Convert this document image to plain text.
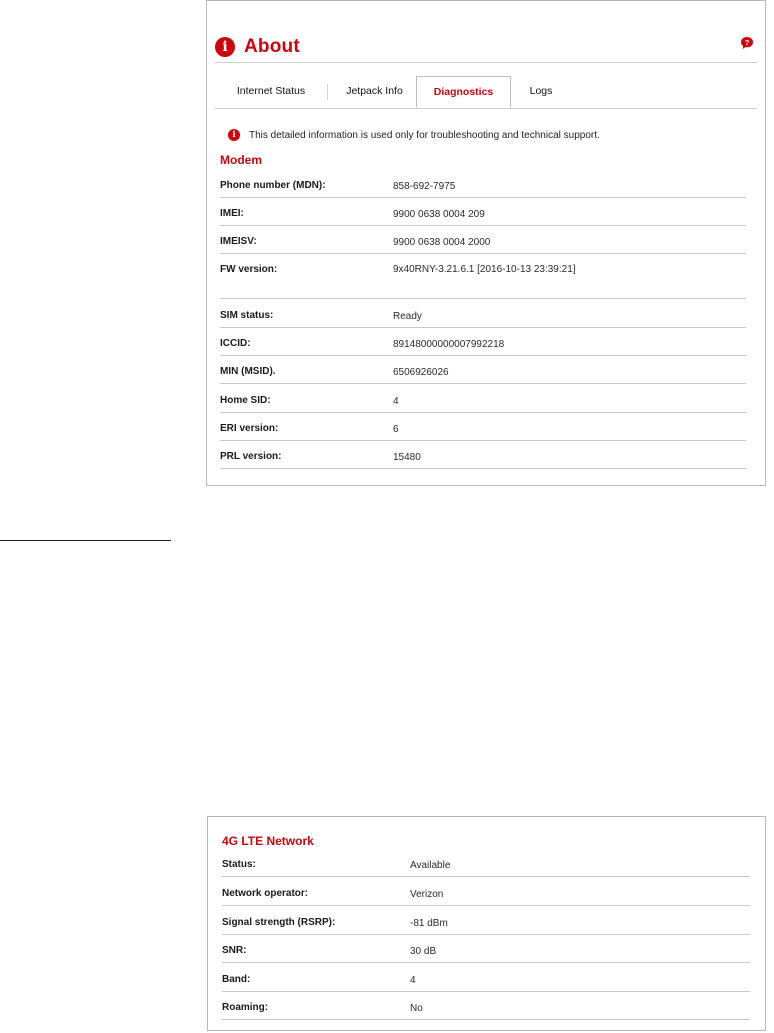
i About	?
Internet Status	Jetpack Info	Diagnostics	Logs
i	This detailed information is used only for troubleshooting and technical support.
Modem
Phone number (MDN):	858-692-7975
IMEI:	9900 0638 0004 209
IMEISV:	9900 0638 0004 2000
FW version:	9x40RNY-3.21.6.1 [2016-10-13 23:39:21]
SIM status:	Ready
ICCID:	89148000000007992218
MIN (MSID).	6506926026
Home SID:	4
ERI version:	6
PRL version:	15480
4G LTE Network
Status:	Available
Network operator:	Verizon
Signal strength (RSRP):	-81 dBm
SNR:	30 dB
Band:	4
Roaming:	No
